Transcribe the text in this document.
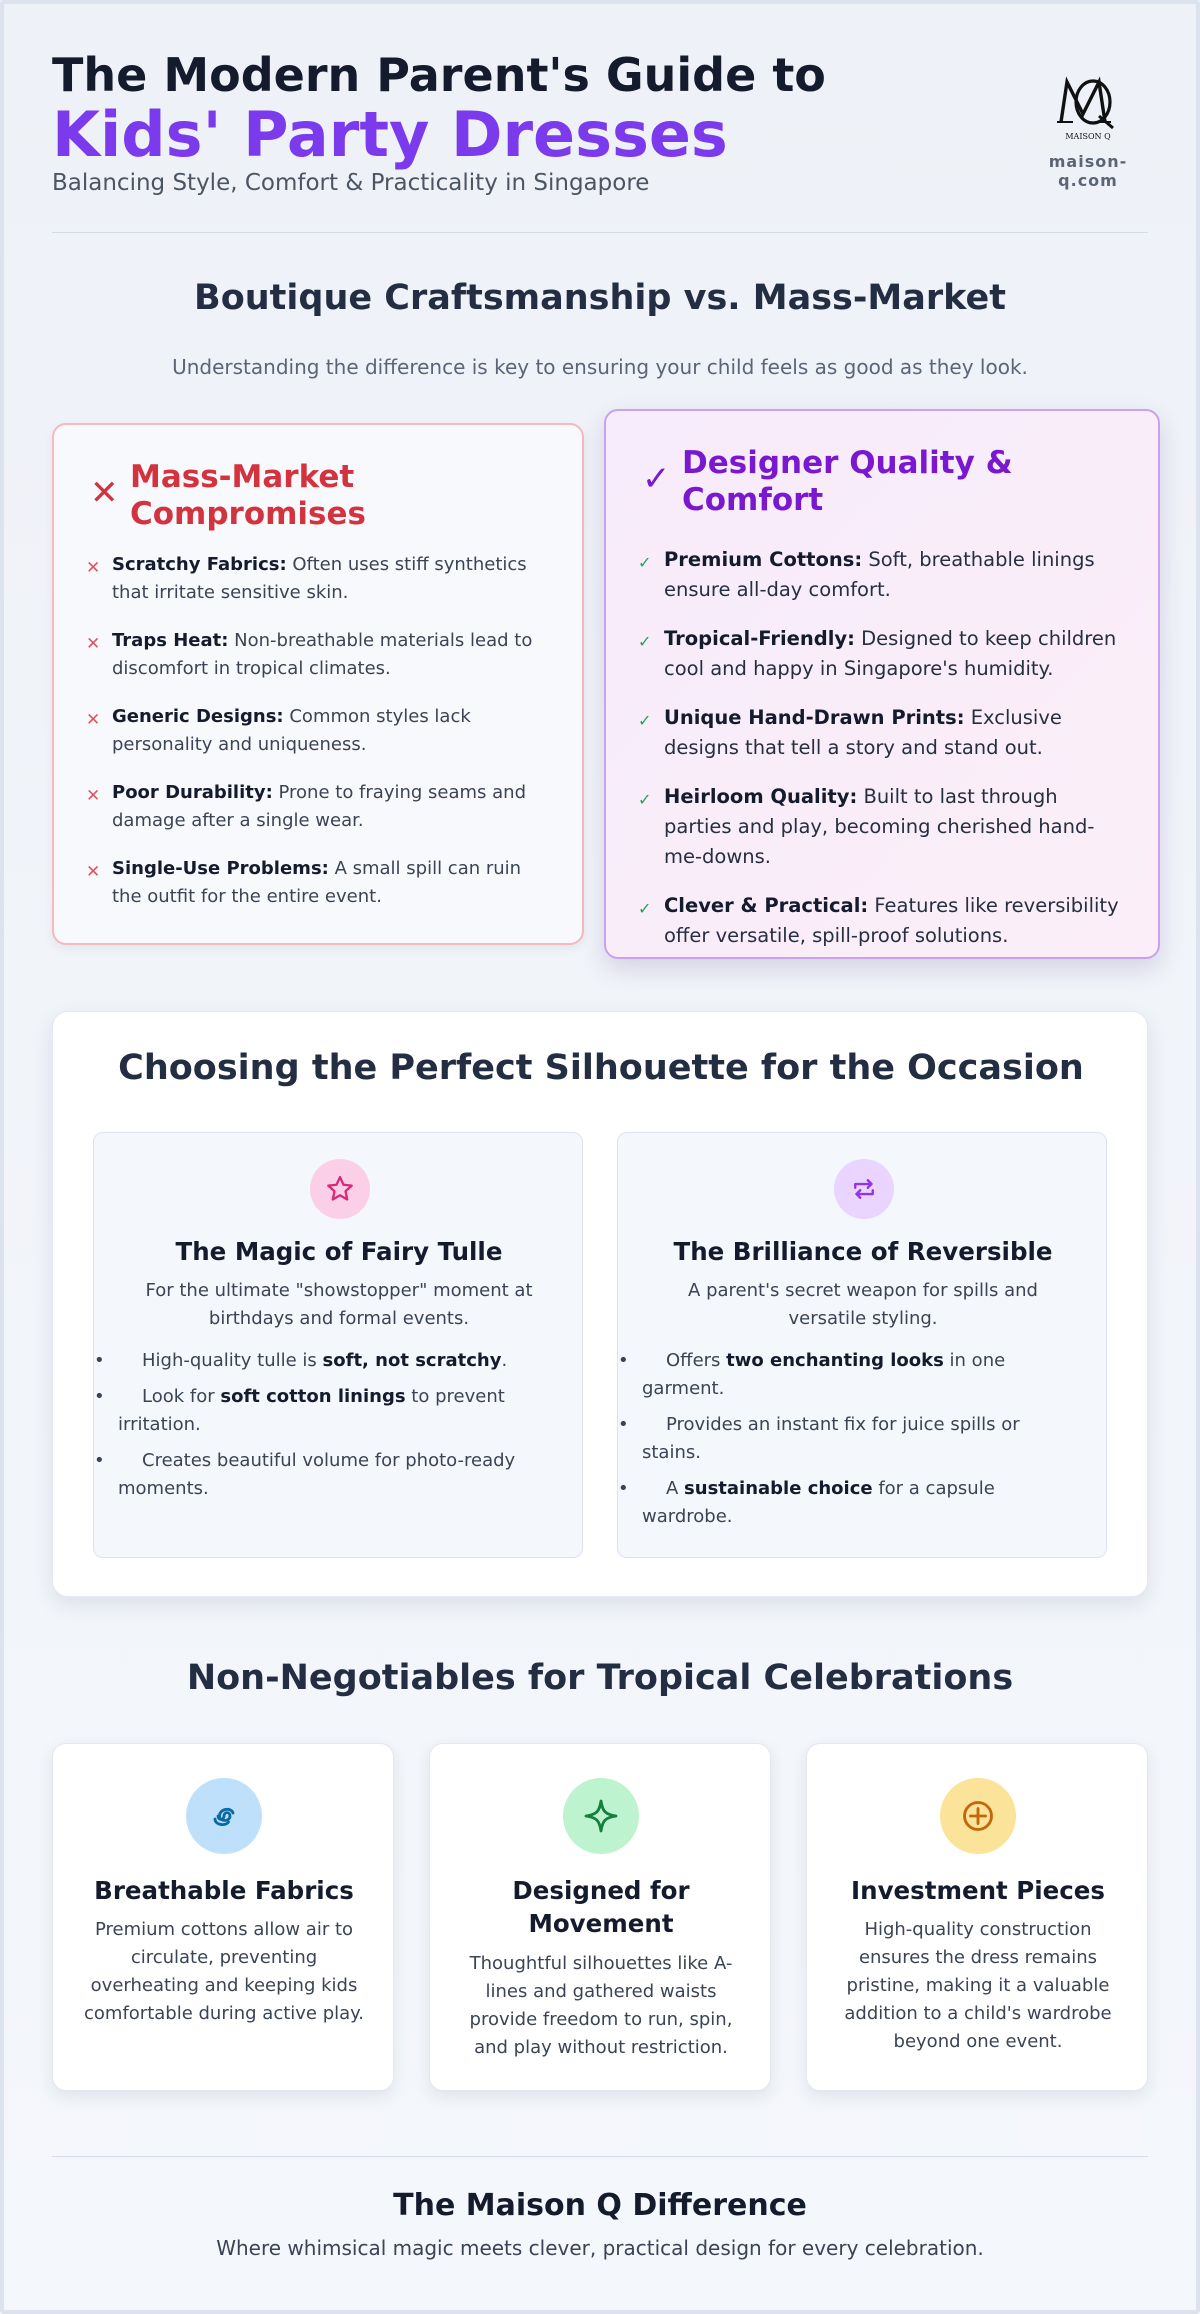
The Modern Parent's Guide to
Kids' Party Dresses
Balancing Style, Comfort & Practicality in Singapore
MAISON Q
maison-q.com
Boutique Craftsmanship vs. Mass-Market
Understanding the difference is key to ensuring your child feels as good as they look.
✕ Mass-Market Compromises
✕ Scratchy Fabrics: Often uses stiff synthetics that irritate sensitive skin.
✕ Traps Heat: Non-breathable materials lead to discomfort in tropical climates.
✕ Generic Designs: Common styles lack personality and uniqueness.
✕ Poor Durability: Prone to fraying seams and damage after a single wear.
✕ Single-Use Problems: A small spill can ruin the outfit for the entire event.
✓ Designer Quality & Comfort
✓ Premium Cottons: Soft, breathable linings ensure all-day comfort.
✓ Tropical-Friendly: Designed to keep children cool and happy in Singapore's humidity.
✓ Unique Hand-Drawn Prints: Exclusive designs that tell a story and stand out.
✓ Heirloom Quality: Built to last through parties and play, becoming cherished hand-me-downs.
✓ Clever & Practical: Features like reversibility offer versatile, spill-proof solutions.
Choosing the Perfect Silhouette for the Occasion
The Magic of Fairy Tulle
For the ultimate "showstopper" moment at birthdays and formal events.
• High-quality tulle is soft, not scratchy.
• Look for soft cotton linings to prevent irritation.
• Creates beautiful volume for photo-ready moments.
The Brilliance of Reversible
A parent's secret weapon for spills and versatile styling.
• Offers two enchanting looks in one garment.
• Provides an instant fix for juice spills or stains.
• A sustainable choice for a capsule wardrobe.
Non-Negotiables for Tropical Celebrations
Breathable Fabrics
Premium cottons allow air to circulate, preventing overheating and keeping kids comfortable during active play.
Designed for Movement
Thoughtful silhouettes like A-lines and gathered waists provide freedom to run, spin, and play without restriction.
Investment Pieces
High-quality construction ensures the dress remains pristine, making it a valuable addition to a child's wardrobe beyond one event.
The Maison Q Difference
Where whimsical magic meets clever, practical design for every celebration.
